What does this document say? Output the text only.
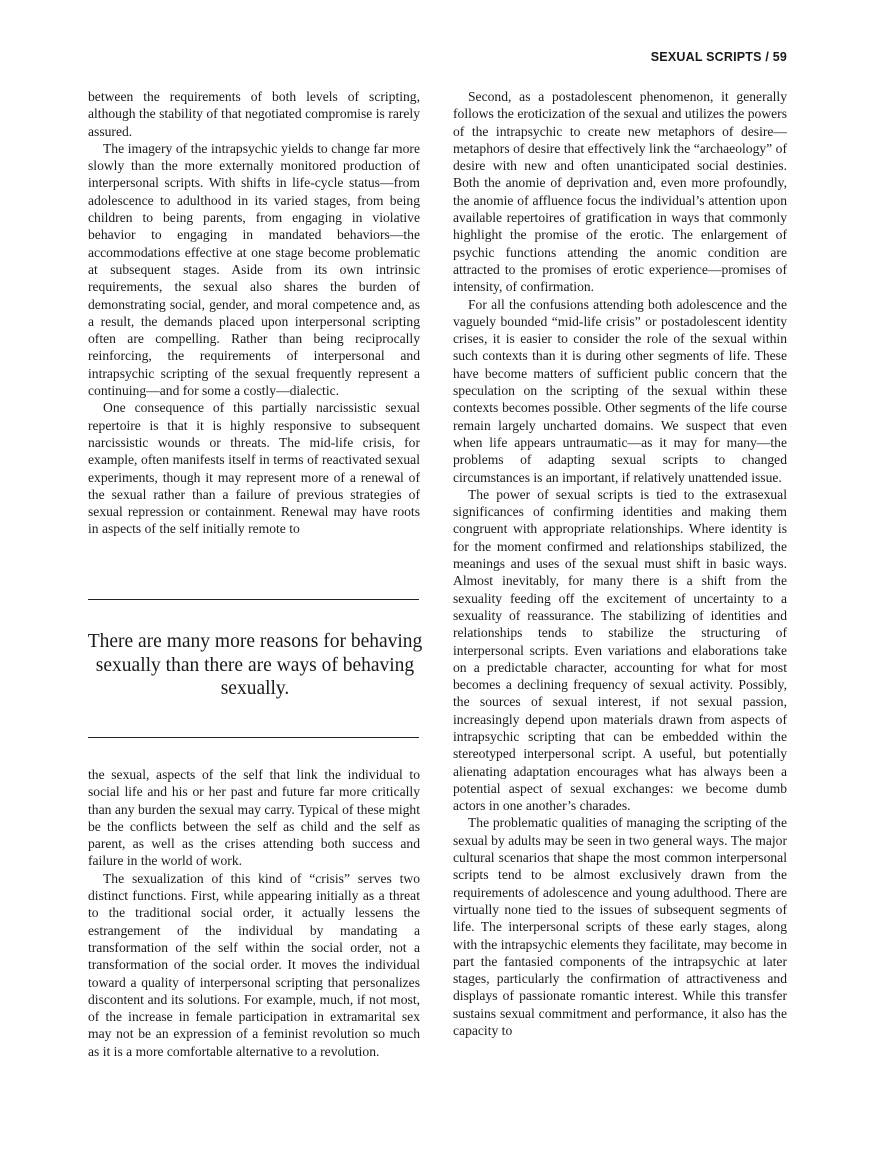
SEXUAL SCRIPTS / 59

between the requirements of both levels of scripting, although the stability of that negotiated compromise is rarely assured.

The imagery of the intrapsychic yields to change far more slowly than the more externally monitored production of interpersonal scripts. With shifts in life-cycle status—from adolescence to adulthood in its varied stages, from being children to being parents, from engaging in violative behavior to engaging in mandated behaviors—the accommodations effective at one stage become problematic at subsequent stages. Aside from its own intrinsic requirements, the sexual also shares the burden of demonstrating social, gender, and moral competence and, as a result, the demands placed upon interpersonal scripting often are compelling. Rather than being reciprocally reinforcing, the requirements of interpersonal and intrapsychic scripting of the sexual frequently represent a continuing—and for some a costly—dialectic.

One consequence of this partially narcissistic sexual repertoire is that it is highly responsive to subsequent narcissistic wounds or threats. The mid-life crisis, for example, often manifests itself in terms of reactivated sexual experiments, though it may represent more of a renewal of the sexual rather than a failure of previous strategies of sexual repression or containment. Renewal may have roots in aspects of the self initially remote to

There are many more reasons for behaving sexually than there are ways of behaving sexually.

the sexual, aspects of the self that link the individual to social life and his or her past and future far more critically than any burden the sexual may carry. Typical of these might be the conflicts between the self as child and the self as parent, as well as the crises attending both success and failure in the world of work.

The sexualization of this kind of “crisis” serves two distinct functions. First, while appearing initially as a threat to the traditional social order, it actually lessens the estrangement of the individual by mandating a transformation of the self within the social order, not a transformation of the social order. It moves the individual toward a quality of interpersonal scripting that personalizes discontent and its solutions. For example, much, if not most, of the increase in female participation in extramarital sex may not be an expression of a feminist revolution so much as it is a more comfortable alternative to a revolution.

Second, as a postadolescent phenomenon, it generally follows the eroticization of the sexual and utilizes the powers of the intrapsychic to create new metaphors of desire—metaphors of desire that effectively link the “archaeology” of desire with new and often unanticipated social destinies. Both the anomie of deprivation and, even more profoundly, the anomie of affluence focus the individual’s attention upon available repertoires of gratification in ways that commonly highlight the promise of the erotic. The enlargement of psychic functions attending the anomic condition are attracted to the promises of erotic experience—promises of intensity, of confirmation.

For all the confusions attending both adolescence and the vaguely bounded “mid-life crisis” or postadolescent identity crises, it is easier to consider the role of the sexual within such contexts than it is during other segments of life. These have become matters of sufficient public concern that the speculation on the scripting of the sexual within these contexts becomes possible. Other segments of the life course remain largely uncharted domains. We suspect that even when life appears untraumatic—as it may for many—the problems of adapting sexual scripts to changed circumstances is an important, if relatively unattended issue.

The power of sexual scripts is tied to the extrasexual significances of confirming identities and making them congruent with appropriate relationships. Where identity is for the moment confirmed and relationships stabilized, the meanings and uses of the sexual must shift in basic ways. Almost inevitably, for many there is a shift from the sexuality feeding off the excitement of uncertainty to a sexuality of reassurance. The stabilizing of identities and relationships tends to stabilize the structuring of interpersonal scripts. Even variations and elaborations take on a predictable character, accounting for what for most becomes a declining frequency of sexual activity. Possibly, the sources of sexual interest, if not sexual passion, increasingly depend upon materials drawn from aspects of intrapsychic scripting that can be embedded within the stereotyped interpersonal script. A useful, but potentially alienating adaptation encourages what has always been a potential aspect of sexual exchanges: we become dumb actors in one another’s charades.

The problematic qualities of managing the scripting of the sexual by adults may be seen in two general ways. The major cultural scenarios that shape the most common interpersonal scripts tend to be almost exclusively drawn from the requirements of adolescence and young adulthood. There are virtually none tied to the issues of subsequent segments of life. The interpersonal scripts of these early stages, along with the intrapsychic elements they facilitate, may become in part the fantasied components of the intrapsychic at later stages, particularly the confirmation of attractiveness and displays of passionate romantic interest. While this transfer sustains sexual commitment and performance, it also has the capacity to
